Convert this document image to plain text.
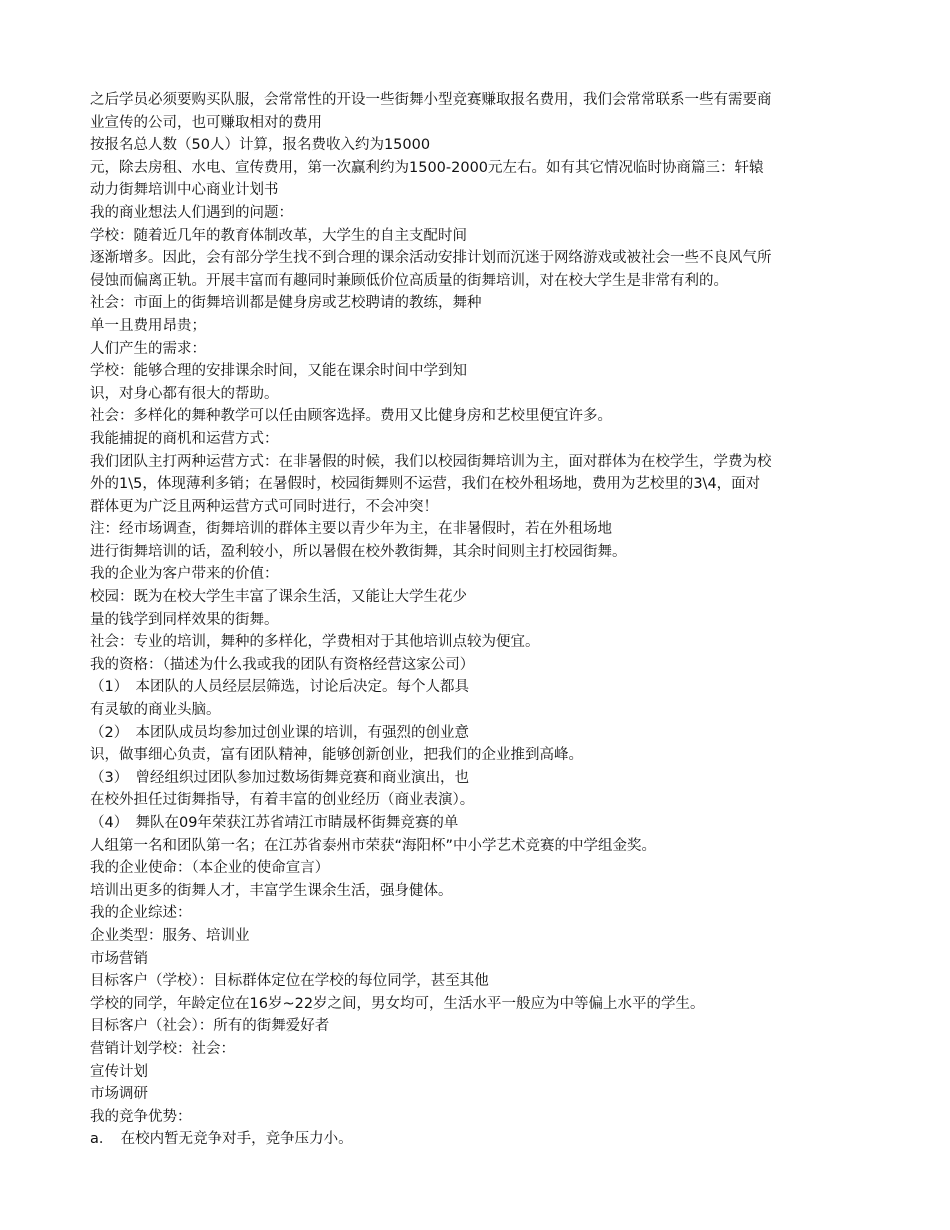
之后学员必须要购买队服，会常常性的开设一些街舞小型竞赛赚取报名费用，我们会常常联系一些有需要商
业宣传的公司，也可赚取相对的费用
按报名总人数（50人）计算，报名费收入约为15000
元，除去房租、水电、宣传费用，第一次赢利约为1500-2000元左右。如有其它情况临时协商篇三：轩辕
动力街舞培训中心商业计划书
我的商业想法人们遇到的问题：
学校：随着近几年的教育体制改革，大学生的自主支配时间
逐渐增多。因此，会有部分学生找不到合理的课余活动安排计划而沉迷于网络游戏或被社会一些不良风气所
侵蚀而偏离正轨。开展丰富而有趣同时兼顾低价位高质量的街舞培训，对在校大学生是非常有利的。
社会：市面上的街舞培训都是健身房或艺校聘请的教练，舞种
单一且费用昂贵；
人们产生的需求：
学校：能够合理的安排课余时间，又能在课余时间中学到知
识，对身心都有很大的帮助。
社会：多样化的舞种教学可以任由顾客选择。费用又比健身房和艺校里便宜许多。
我能捕捉的商机和运营方式：
我们团队主打两种运营方式：在非暑假的时候，我们以校园街舞培训为主，面对群体为在校学生，学费为校
外的1\5，体现薄利多销；在暑假时，校园街舞则不运营，我们在校外租场地，费用为艺校里的3\4，面对
群体更为广泛且两种运营方式可同时进行，不会冲突！
注：经市场调查，街舞培训的群体主要以青少年为主，在非暑假时，若在外租场地
进行街舞培训的话，盈利较小，所以暑假在校外教街舞，其余时间则主打校园街舞。
我的企业为客户带来的价值：
校园：既为在校大学生丰富了课余生活，又能让大学生花少
量的钱学到同样效果的街舞。
社会：专业的培训，舞种的多样化，学费相对于其他培训点较为便宜。
我的资格：（描述为什么我或我的团队有资格经营这家公司）
（1）　本团队的人员经层层筛选，讨论后决定。每个人都具
有灵敏的商业头脑。
（2）　本团队成员均参加过创业课的培训，有强烈的创业意
识，做事细心负责，富有团队精神，能够创新创业，把我们的企业推到高峰。
（3）　曾经组织过团队参加过数场街舞竞赛和商业演出，也
在校外担任过街舞指导，有着丰富的创业经历（商业表演）。
（4）　舞队在09年荣获江苏省靖江市睛晟杯街舞竞赛的单
人组第一名和团队第一名；在江苏省泰州市荣获“海阳杯”中小学艺术竞赛的中学组金奖。
我的企业使命：（本企业的使命宣言）
培训出更多的街舞人才，丰富学生课余生活，强身健体。
我的企业综述：
企业类型：服务、培训业
市场营销
目标客户（学校）：目标群体定位在学校的每位同学，甚至其他
学校的同学，年龄定位在16岁~22岁之间，男女均可，生活水平一般应为中等偏上水平的学生。
目标客户（社会）：所有的街舞爱好者
营销计划学校：社会：
宣传计划
市场调研
我的竞争优势：
a．　在校内暂无竞争对手，竞争压力小。
